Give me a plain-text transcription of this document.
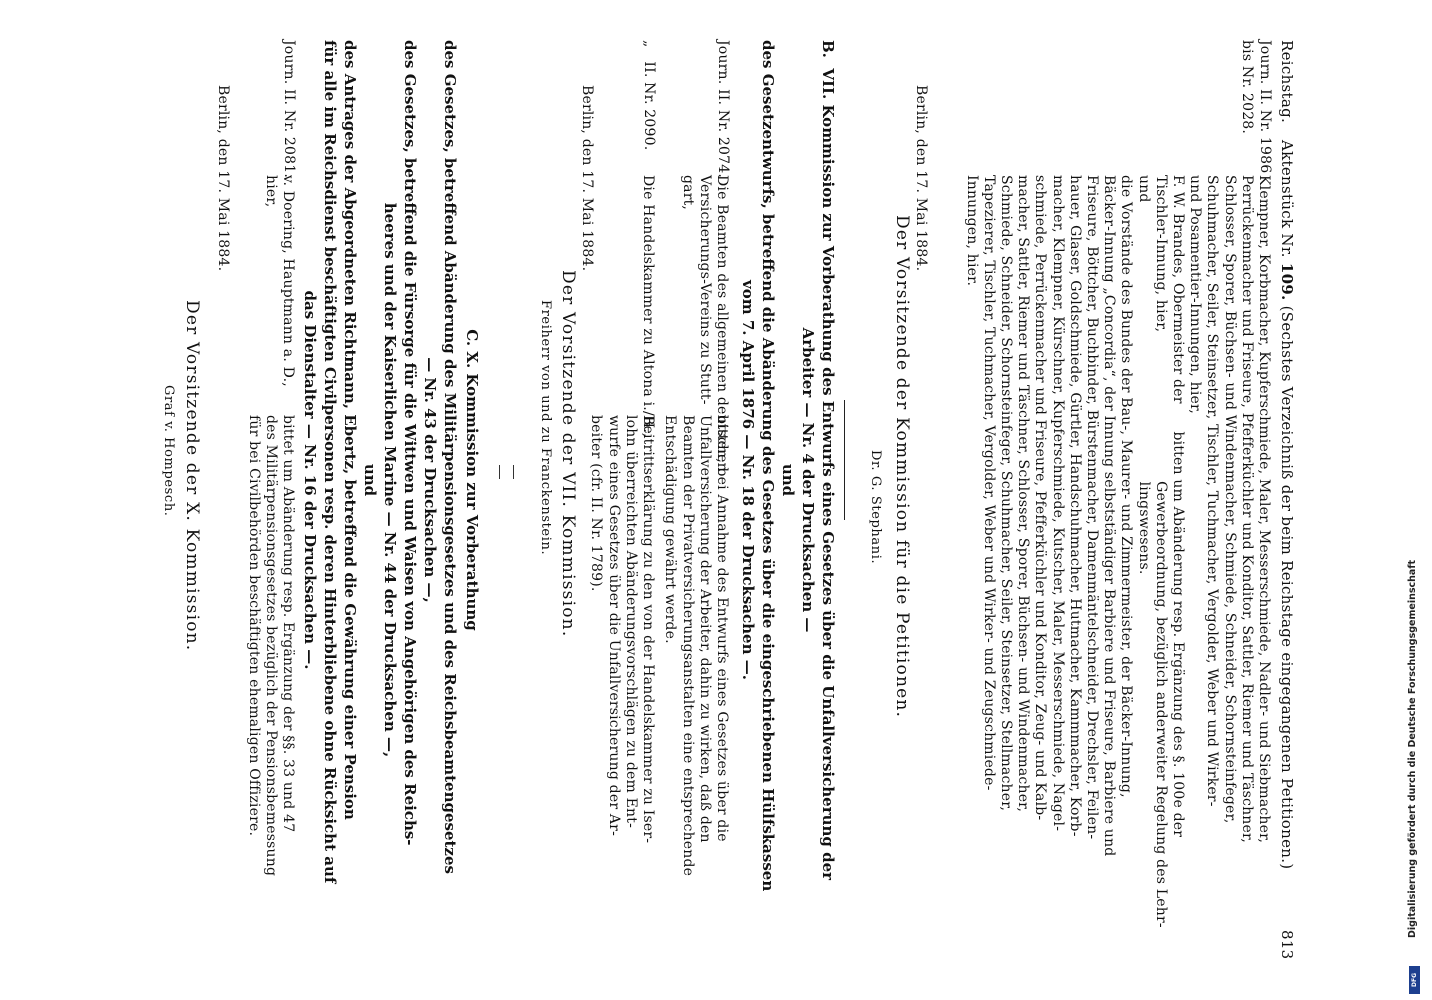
Reichstag.
Aktenstück Nr. 109. (Sechstes Verzeichniß der beim Reichstage eingegangenen Petitionen.)
813
Journ. II. Nr. 1986
bis Nr. 2028.
Klempner, Korbmacher, Kupferschmiede, Maler, Messerschmiede, Nadler- und Siebmacher,
Perrückenmacher und Friseure, Pfefferküchler und Konditor, Sattler, Riemer und Täschner,
Schlosser, Sporer, Büchsen- und Windenmacher, Schmiede, Schneider, Schornsteinfeger,
Schuhmacher, Seiler, Steinsetzer, Tischler, Tuchmacher, Vergolder, Weber und Wirker-
und Posamentier-Innungen, hier,
F. W. Brandes, Obermeister der      bitten um Abänderung resp. Ergänzung des §. 100e der
Tischler-Innung, hier,                                Gewerbeordnung, bezüglich anderweiter Regelung des Lehr-
und                                                            lingswesens.
die Vorstände des Bundes der Bau-, Maurer- und Zimmermeister, der Bäcker-Innung,
Bäcker-Innung „Concordia“, der Innung selbstständiger Barbiere und Friseure, Barbiere und
Friseure, Böttcher, Buchbinder, Bürstenmacher, Damenmäntelschneider, Drechsler, Feilen-
hauer, Glaser, Goldschmiede, Gürtler, Handschuhmacher, Hutmacher, Kammmacher, Korb-
macher, Klempner, Kürschner, Kupferschmiede, Kutscher, Maler, Messerschmiede, Nagel-
schmiede, Perrückenmacher und Friseure, Pfefferküchler und Konditor, Zeug- und Kalb-
macher, Sattler, Riemer und Täschner, Schlosser, Sporer, Büchsen- und Windenmacher,
Schmiede, Schneider, Schornsteinfeger, Schuhmacher, Seiler, Steinsetzer, Stellmacher,
Tapezierer, Tischler, Tuchmacher, Vergolder, Weber und Wirker- und Zeugschmiede-
Innungen, hier.
Berlin, den 17. Mai 1884.
Der Vorsitzende der Kommission für die Petitionen.
Dr. G. Stephani.
B.  VII. Kommission zur Vorberathung des Entwurfs eines Gesetzes über die Unfallversicherung der
Arbeiter — Nr. 4 der Drucksachen —
und
des Gesetzentwurfs, betreffend die Abänderung des Gesetzes über die eingeschriebenen Hülfskassen
vom 7. April 1876 — Nr. 18 der Drucksachen —.
Journ. II. Nr. 2074.
Die Beamten des allgemeinen deutschen
Versicherungs-Vereins zu Stutt-
gart,
bitten, bei Annahme des Entwurfs eines Gesetzes über die
Unfallversicherung der Arbeiter, dahin zu wirken, daß den
Beamten der Privatversicherungsanstalten eine entsprechende
Entschädigung gewährt werde.
„   II. Nr. 2090.
Die Handelskammer zu Altona i./H.,
Beitrittserklärung zu den von der Handelskammer zu Iser-
lohn überreichten Abänderungsvorschlägen zu dem Ent-
wurfe eines Gesetzes über die Unfallversicherung der Ar-
beiter (cfr. II. Nr. 1789).
Berlin, den 17. Mai 1884.
Der Vorsitzende der VII. Kommission.
Freiherr von und zu Franckenstein.
C. X. Kommission zur Vorberathung
des Gesetzes, betreffend Abänderung des Militärpensionsgesetzes und des Reichsbeamtengesetzes
— Nr. 43 der Drucksachen —,
des Gesetzes, betreffend die Fürsorge für die Wittwen und Waisen von Angehörigen des Reichs-
heeres und der Kaiserlichen Marine — Nr. 44 der Drucksachen —,
und
des Antrages der Abgeordneten Richtmann, Ebertz, betreffend die Gewährung einer Pension
für alle im Reichsdienst beschäftigten Civilpersonen resp. deren Hinterbliebene ohne Rücksicht auf
das Dienstalter — Nr. 16 der Drucksachen —.
Journ. II. Nr. 2081.
v. Doering, Hauptmann a. D.,
hier,
bittet um Abänderung resp. Ergänzung der §§. 33 und 47
des Militärpensionsgesetzes bezüglich der Pensionsbemessung
für bei Civilbehörden beschäftigten ehemaligen Offiziere.
Berlin, den 17. Mai 1884.
Der Vorsitzende der X. Kommission.
Graf v. Hompesch.
Digitalisierung gefördert durch die Deutsche Forschungsgemeinschaft
DFG
